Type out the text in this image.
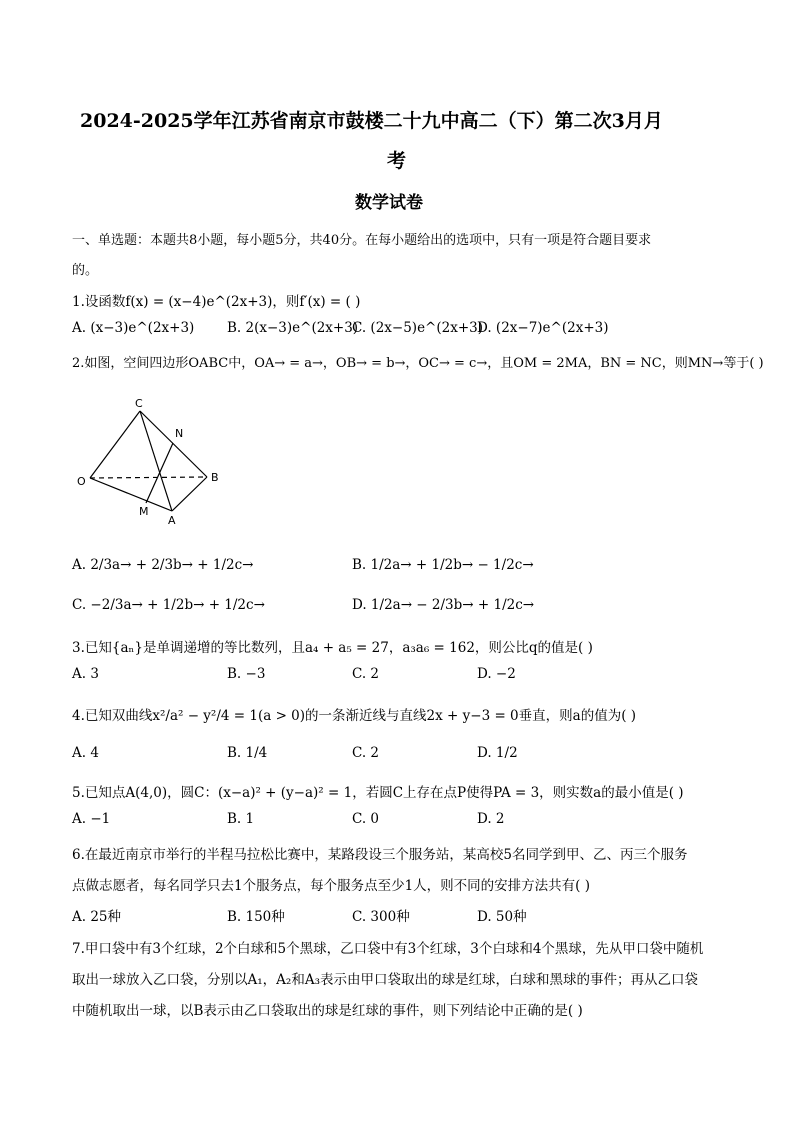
2024-2025学年江苏省南京市鼓楼二十九中高二（下）第二次3月月
考
数学试卷
一、单选题：本题共8小题，每小题5分，共40分。在每小题给出的选项中，只有一项是符合题目要求
的。
1.设函数f(x) = (x−4)e^(2x+3)，则f′(x) = ( )
A. (x−3)e^(2x+3) B. 2(x−3)e^(2x+3)
C. (2x−5)e^(2x+3)
D. (2x−7)e^(2x+3)
2.如图，空间四边形OABC中，OA→ = a→，OB→ = b→，OC→ = c→，且OM = 2MA，BN = NC，则MN→等于( )
C
N
O	B
M
A
A. 2/3a→ + 2/3b→ + 1/2c→	B. 1/2a→ + 1/2b→ − 1/2c→
C. −2/3a→ + 1/2b→ + 1/2c→	D. 1/2a→ − 2/3b→ + 1/2c→
3.已知{aₙ}是单调递增的等比数列，且a₄ + a₅ = 27，a₃a₆ = 162，则公比q的值是( )
A. 3	B. −3	C. 2	D. −2
4.已知双曲线x²/a² − y²/4 = 1(a > 0)的一条渐近线与直线2x + y−3 = 0垂直，则a的值为( )
A. 4	B. 1/4	C. 2	D. 1/2
5.已知点A(4,0)，圆C：(x−a)² + (y−a)² = 1，若圆C上存在点P使得PA = 3，则实数a的最小值是( )
A. −1	B. 1	C. 0	D. 2
6.在最近南京市举行的半程马拉松比赛中，某路段设三个服务站，某高校5名同学到甲、乙、丙三个服务
点做志愿者，每名同学只去1个服务点，每个服务点至少1人，则不同的安排方法共有( )
A. 25种	B. 150种	C. 300种	D. 50种
7.甲口袋中有3个红球，2个白球和5个黑球，乙口袋中有3个红球，3个白球和4个黑球，先从甲口袋中随机
取出一球放入乙口袋，分别以A₁，A₂和A₃表示由甲口袋取出的球是红球，白球和黑球的事件；再从乙口袋
中随机取出一球，以B表示由乙口袋取出的球是红球的事件，则下列结论中正确的是( )
